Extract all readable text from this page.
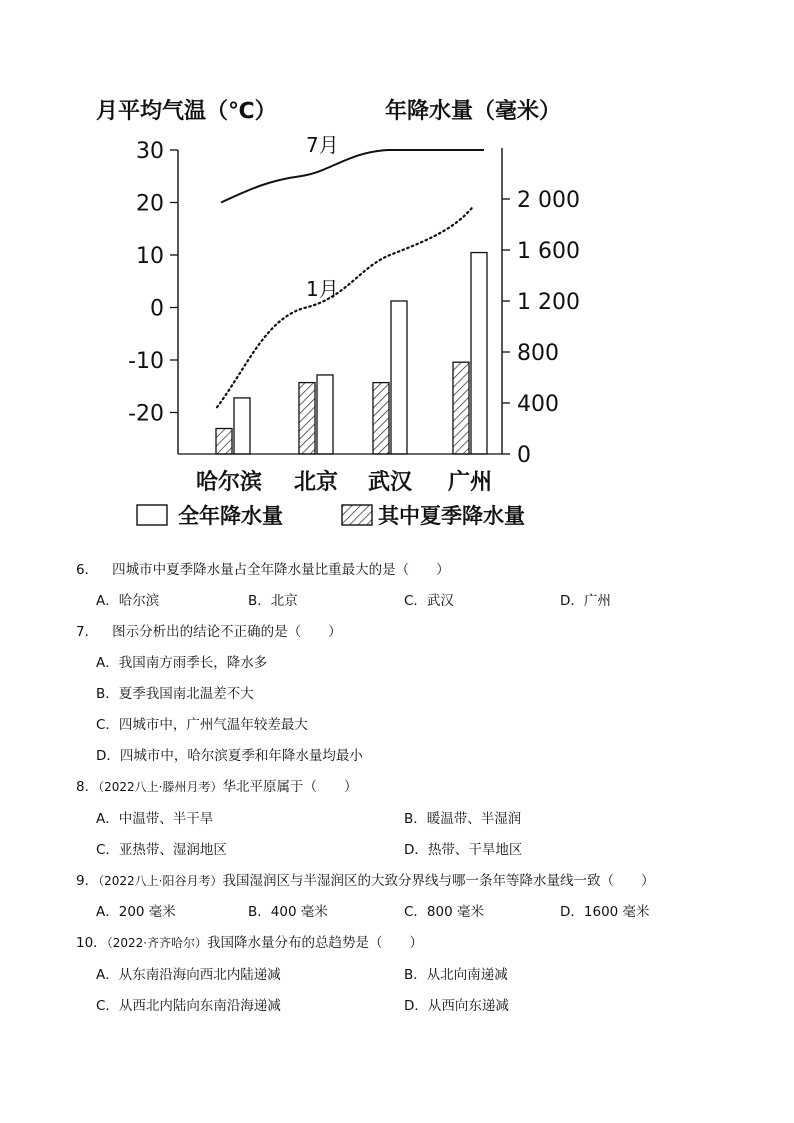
月平均气温（℃）	年降水量（毫米）
30
20
10
0
-10
-20
2 000
1 600
1 200
800
400
0
哈尔滨 北京 武汉 广州
7月
1月
全年降水量	其中夏季降水量
6． 四城市中夏季降水量占全年降水量比重最大的是（　　）
A．哈尔滨	B．北京	C．武汉	D．广州
7． 图示分析出的结论不正确的是（　　）
A．我国南方雨季长，降水多
B．夏季我国南北温差不大
C．四城市中，广州气温年较差最大
D．四城市中，哈尔滨夏季和年降水量均最小
8．（2022八上·滕州月考）华北平原属于（　　）
A．中温带、半干旱	B．暖温带、半湿润
C．亚热带、湿润地区	D．热带、干旱地区
9．（2022八上·阳谷月考）我国湿润区与半湿润区的大致分界线与哪一条年等降水量线一致（　　）
A．200 毫米	B．400 毫米	C．800 毫米	D．1600 毫米
10．（2022·齐齐哈尔）我国降水量分布的总趋势是（　　）
A．从东南沿海向西北内陆递减	B．从北向南递减
C．从西北内陆向东南沿海递减	D．从西向东递减
